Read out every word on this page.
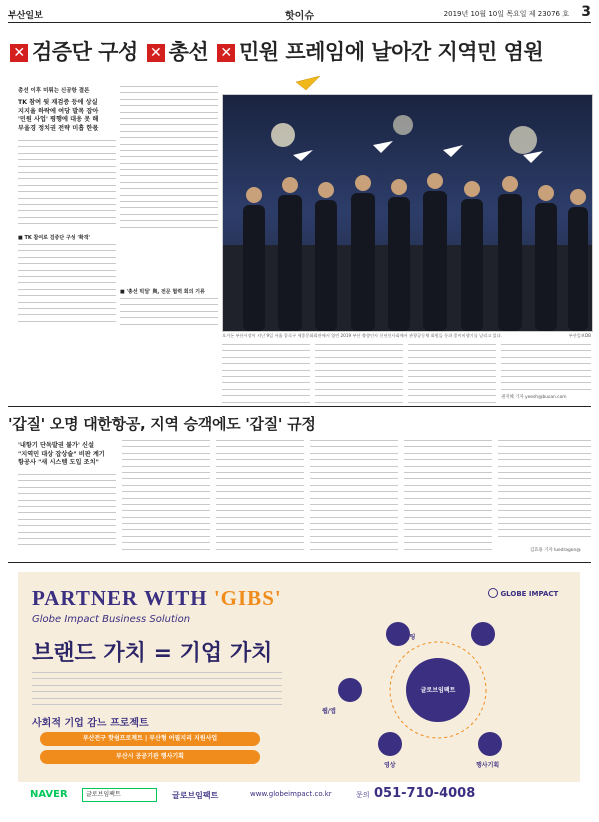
부산일보	핫이슈	2019년 10월 10일 목요일 제 23076 호 3
✕ 검증단 구성 ✕ 총선 ✕ 민원 프레임에 날아간 지역민 염원
총선 이후 미뤄는 신공항 결론
TK 참여 뒷 재검증 등에 상실
지지율 하락에 여당 발목 잡아
'민원 사업' 평행에 대응 못 해
부울경 정치권 전략 미흡 한몫
■ TK 참여로 검증단 구성 '확객'
■ '총선 빅딜' 與, 전문 협력 회의 기류
오거돈 부산시장이 지난 9일 서울 종로구 세종문화회관에서 열린 2019 부산 출향인사 신년인사회에서 관광공동체 회원들 등과 종이비행기를 날리고 있다.	부산일보DB
권지혜 기자 yeesh@busan.com
'갑질' 오명 대한항공, 지역 승객에도 '갑질' 규정
'내항기 단독발권 불가' 신설
"지역민 대상 잡상술" 비판 계기
항공사 "새 시스템 도입 조치"
김효용 기자 luedragon@
PARTNER WITH 'GIBS'
Globe Impact Business Solution
GLOBE IMPACT
브랜드 가치 = 기업 가치
마케팅	디자인
웹/앱
영상	행사기획
글로브임팩트
사회적 기업 감느 프로젝트
부산전구 핫쉼프로젝트 | 부산형 어필지리 지원사업
부산시 공공기관 행사기획
NAVER	글로브임팩트	글로브임팩트	www.globeimpact.co.kr	문의 051-710-4008
